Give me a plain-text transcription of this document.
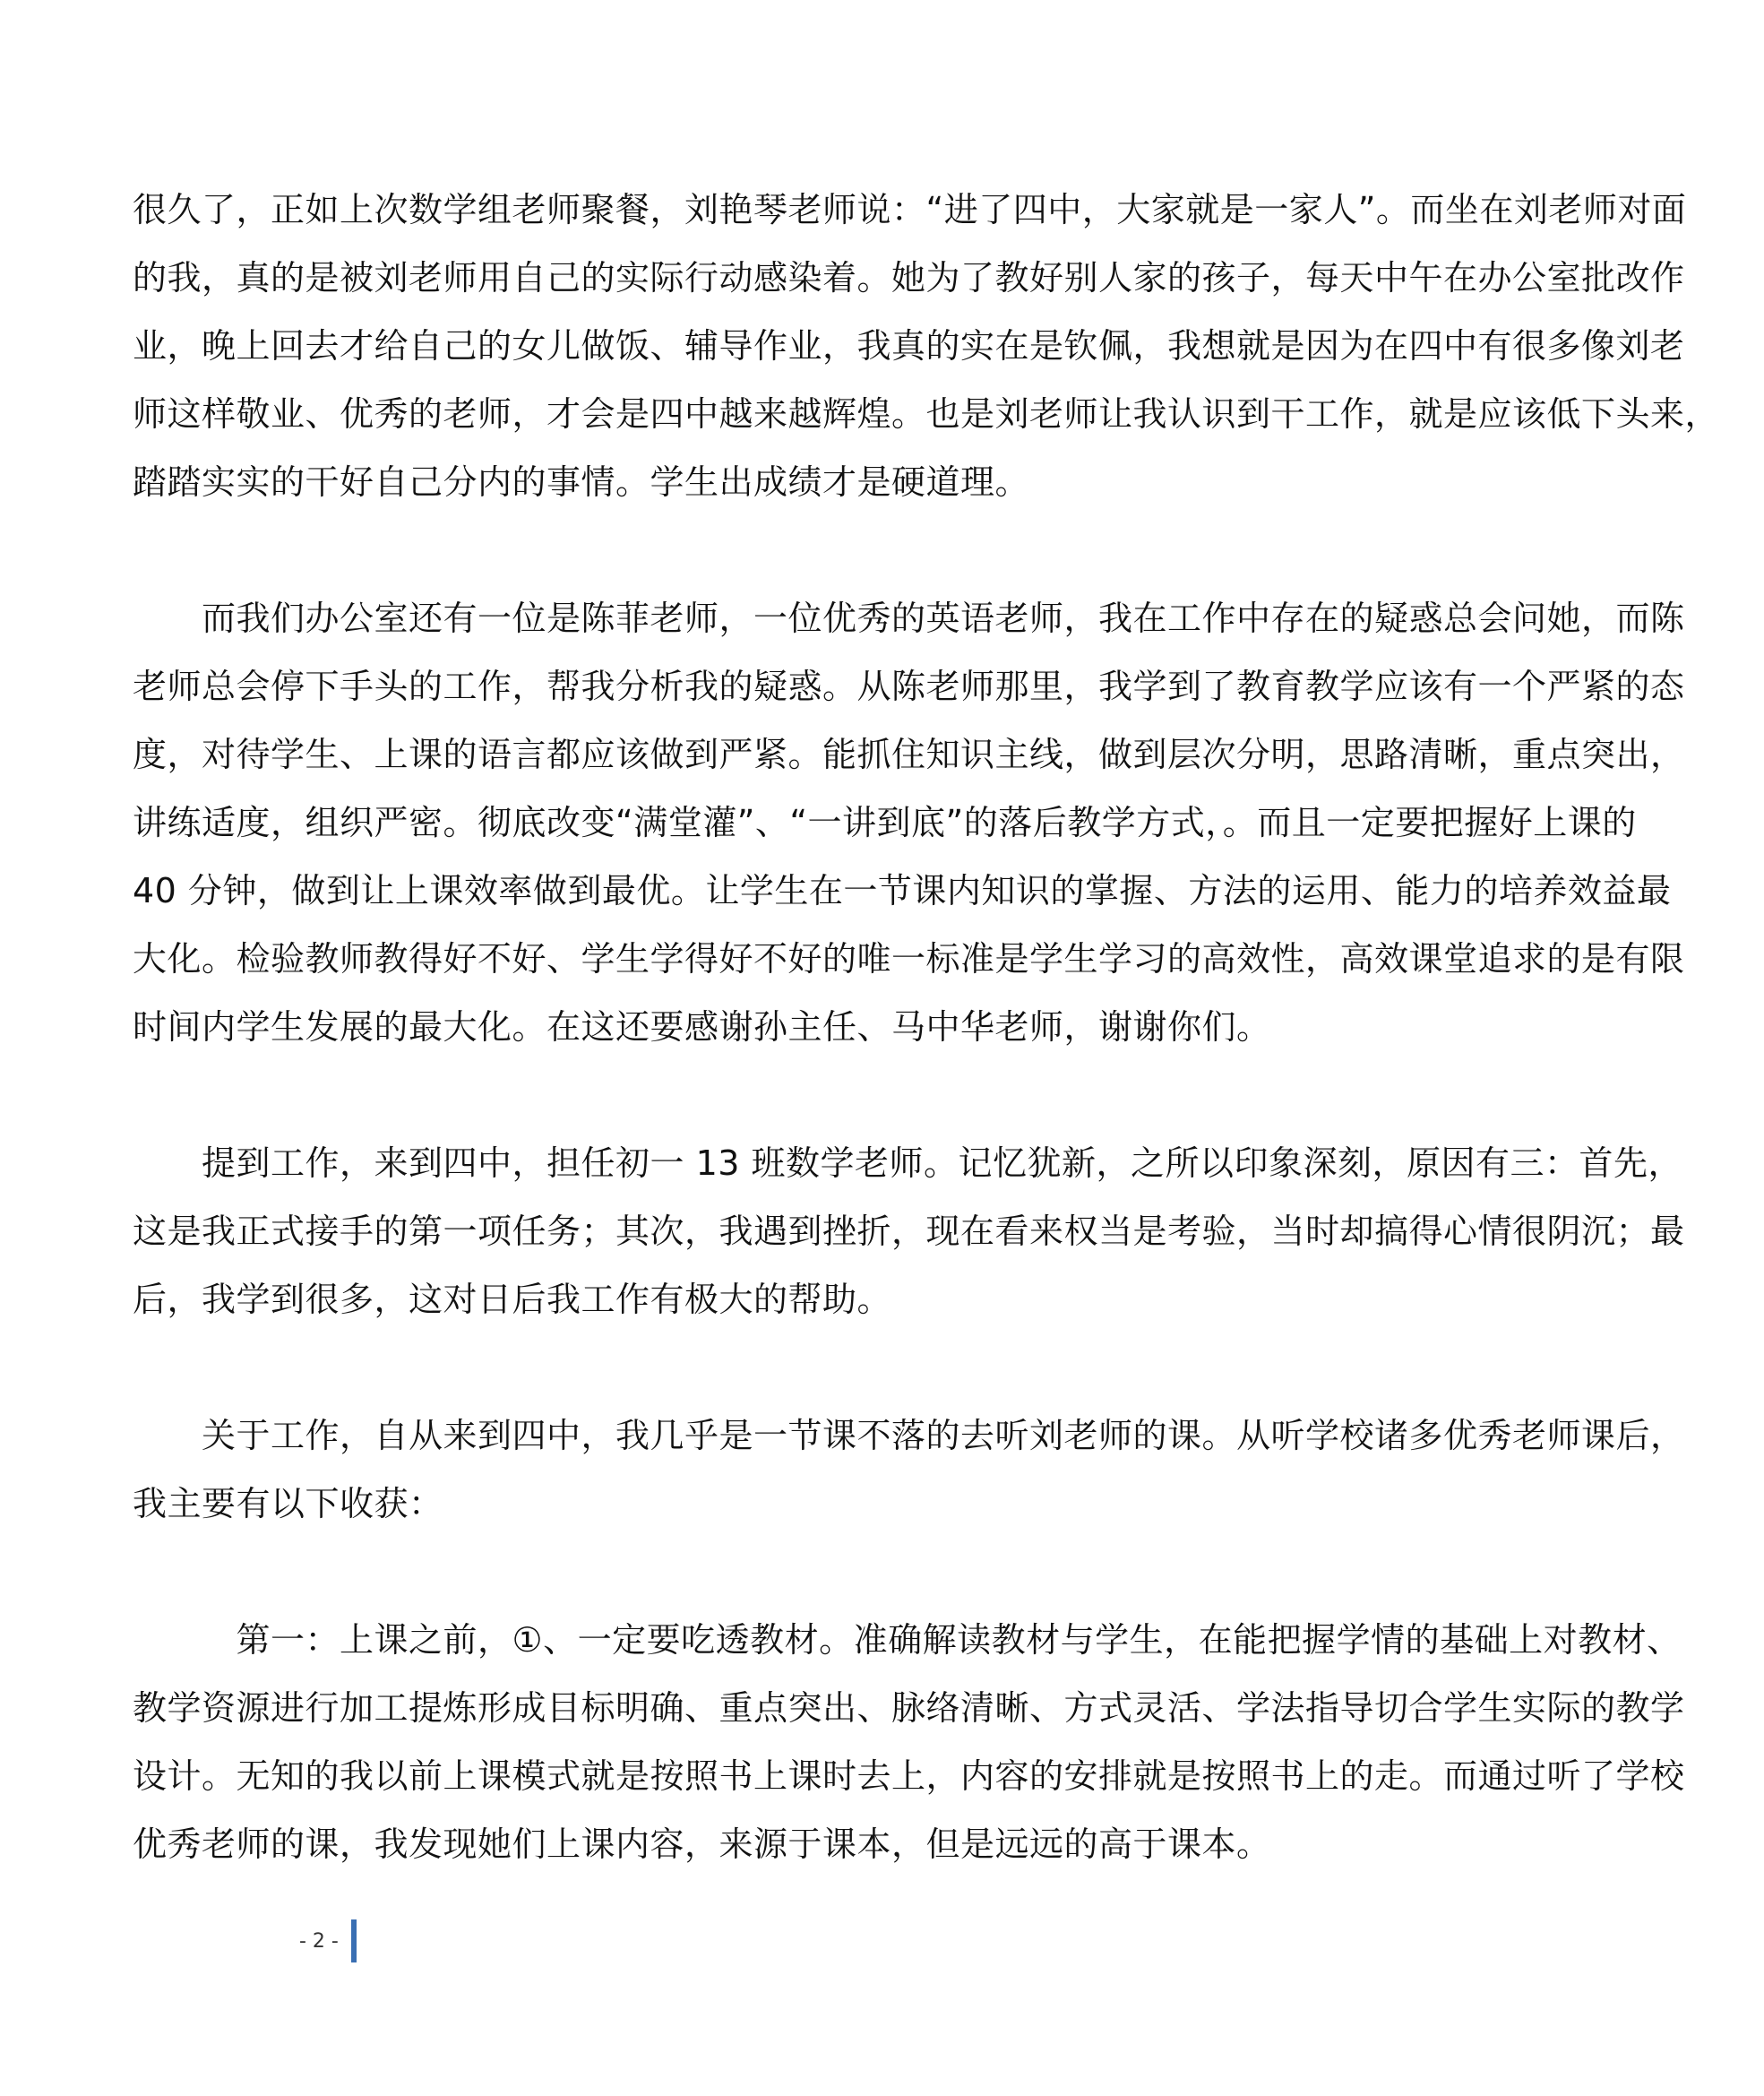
很久了，正如上次数学组老师聚餐，刘艳琴老师说：“进了四中，大家就是一家人”。而坐在刘老师对面
的我，真的是被刘老师用自己的实际行动感染着。她为了教好别人家的孩子，每天中午在办公室批改作
业，晚上回去才给自己的女儿做饭、辅导作业，我真的实在是钦佩，我想就是因为在四中有很多像刘老
师这样敬业、优秀的老师，才会是四中越来越辉煌。也是刘老师让我认识到干工作，就是应该低下头来，
踏踏实实的干好自己分内的事情。学生出成绩才是硬道理。
　　而我们办公室还有一位是陈菲老师，一位优秀的英语老师，我在工作中存在的疑惑总会问她，而陈
老师总会停下手头的工作，帮我分析我的疑惑。从陈老师那里，我学到了教育教学应该有一个严紧的态
度，对待学生、上课的语言都应该做到严紧。能抓住知识主线，做到层次分明，思路清晰，重点突出，
讲练适度，组织严密。彻底改变“满堂灌”、“一讲到底”的落后教学方式，。而且一定要把握好上课的
40 分钟，做到让上课效率做到最优。让学生在一节课内知识的掌握、方法的运用、能力的培养效益最
大化。检验教师教得好不好、学生学得好不好的唯一标准是学生学习的高效性，高效课堂追求的是有限
时间内学生发展的最大化。在这还要感谢孙主任、马中华老师，谢谢你们。
　　提到工作，来到四中，担任初一 13 班数学老师。记忆犹新，之所以印象深刻，原因有三：首先，
这是我正式接手的第一项任务；其次，我遇到挫折，现在看来权当是考验，当时却搞得心情很阴沉；最
后，我学到很多，这对日后我工作有极大的帮助。
　　关于工作，自从来到四中，我几乎是一节课不落的去听刘老师的课。从听学校诸多优秀老师课后，
我主要有以下收获：
　　　第一：上课之前，①、一定要吃透教材。准确解读教材与学生，在能把握学情的基础上对教材、
教学资源进行加工提炼形成目标明确、重点突出、脉络清晰、方式灵活、学法指导切合学生实际的教学
设计。无知的我以前上课模式就是按照书上课时去上，内容的安排就是按照书上的走。而通过听了学校
优秀老师的课，我发现她们上课内容，来源于课本，但是远远的高于课本。
- 2 -
